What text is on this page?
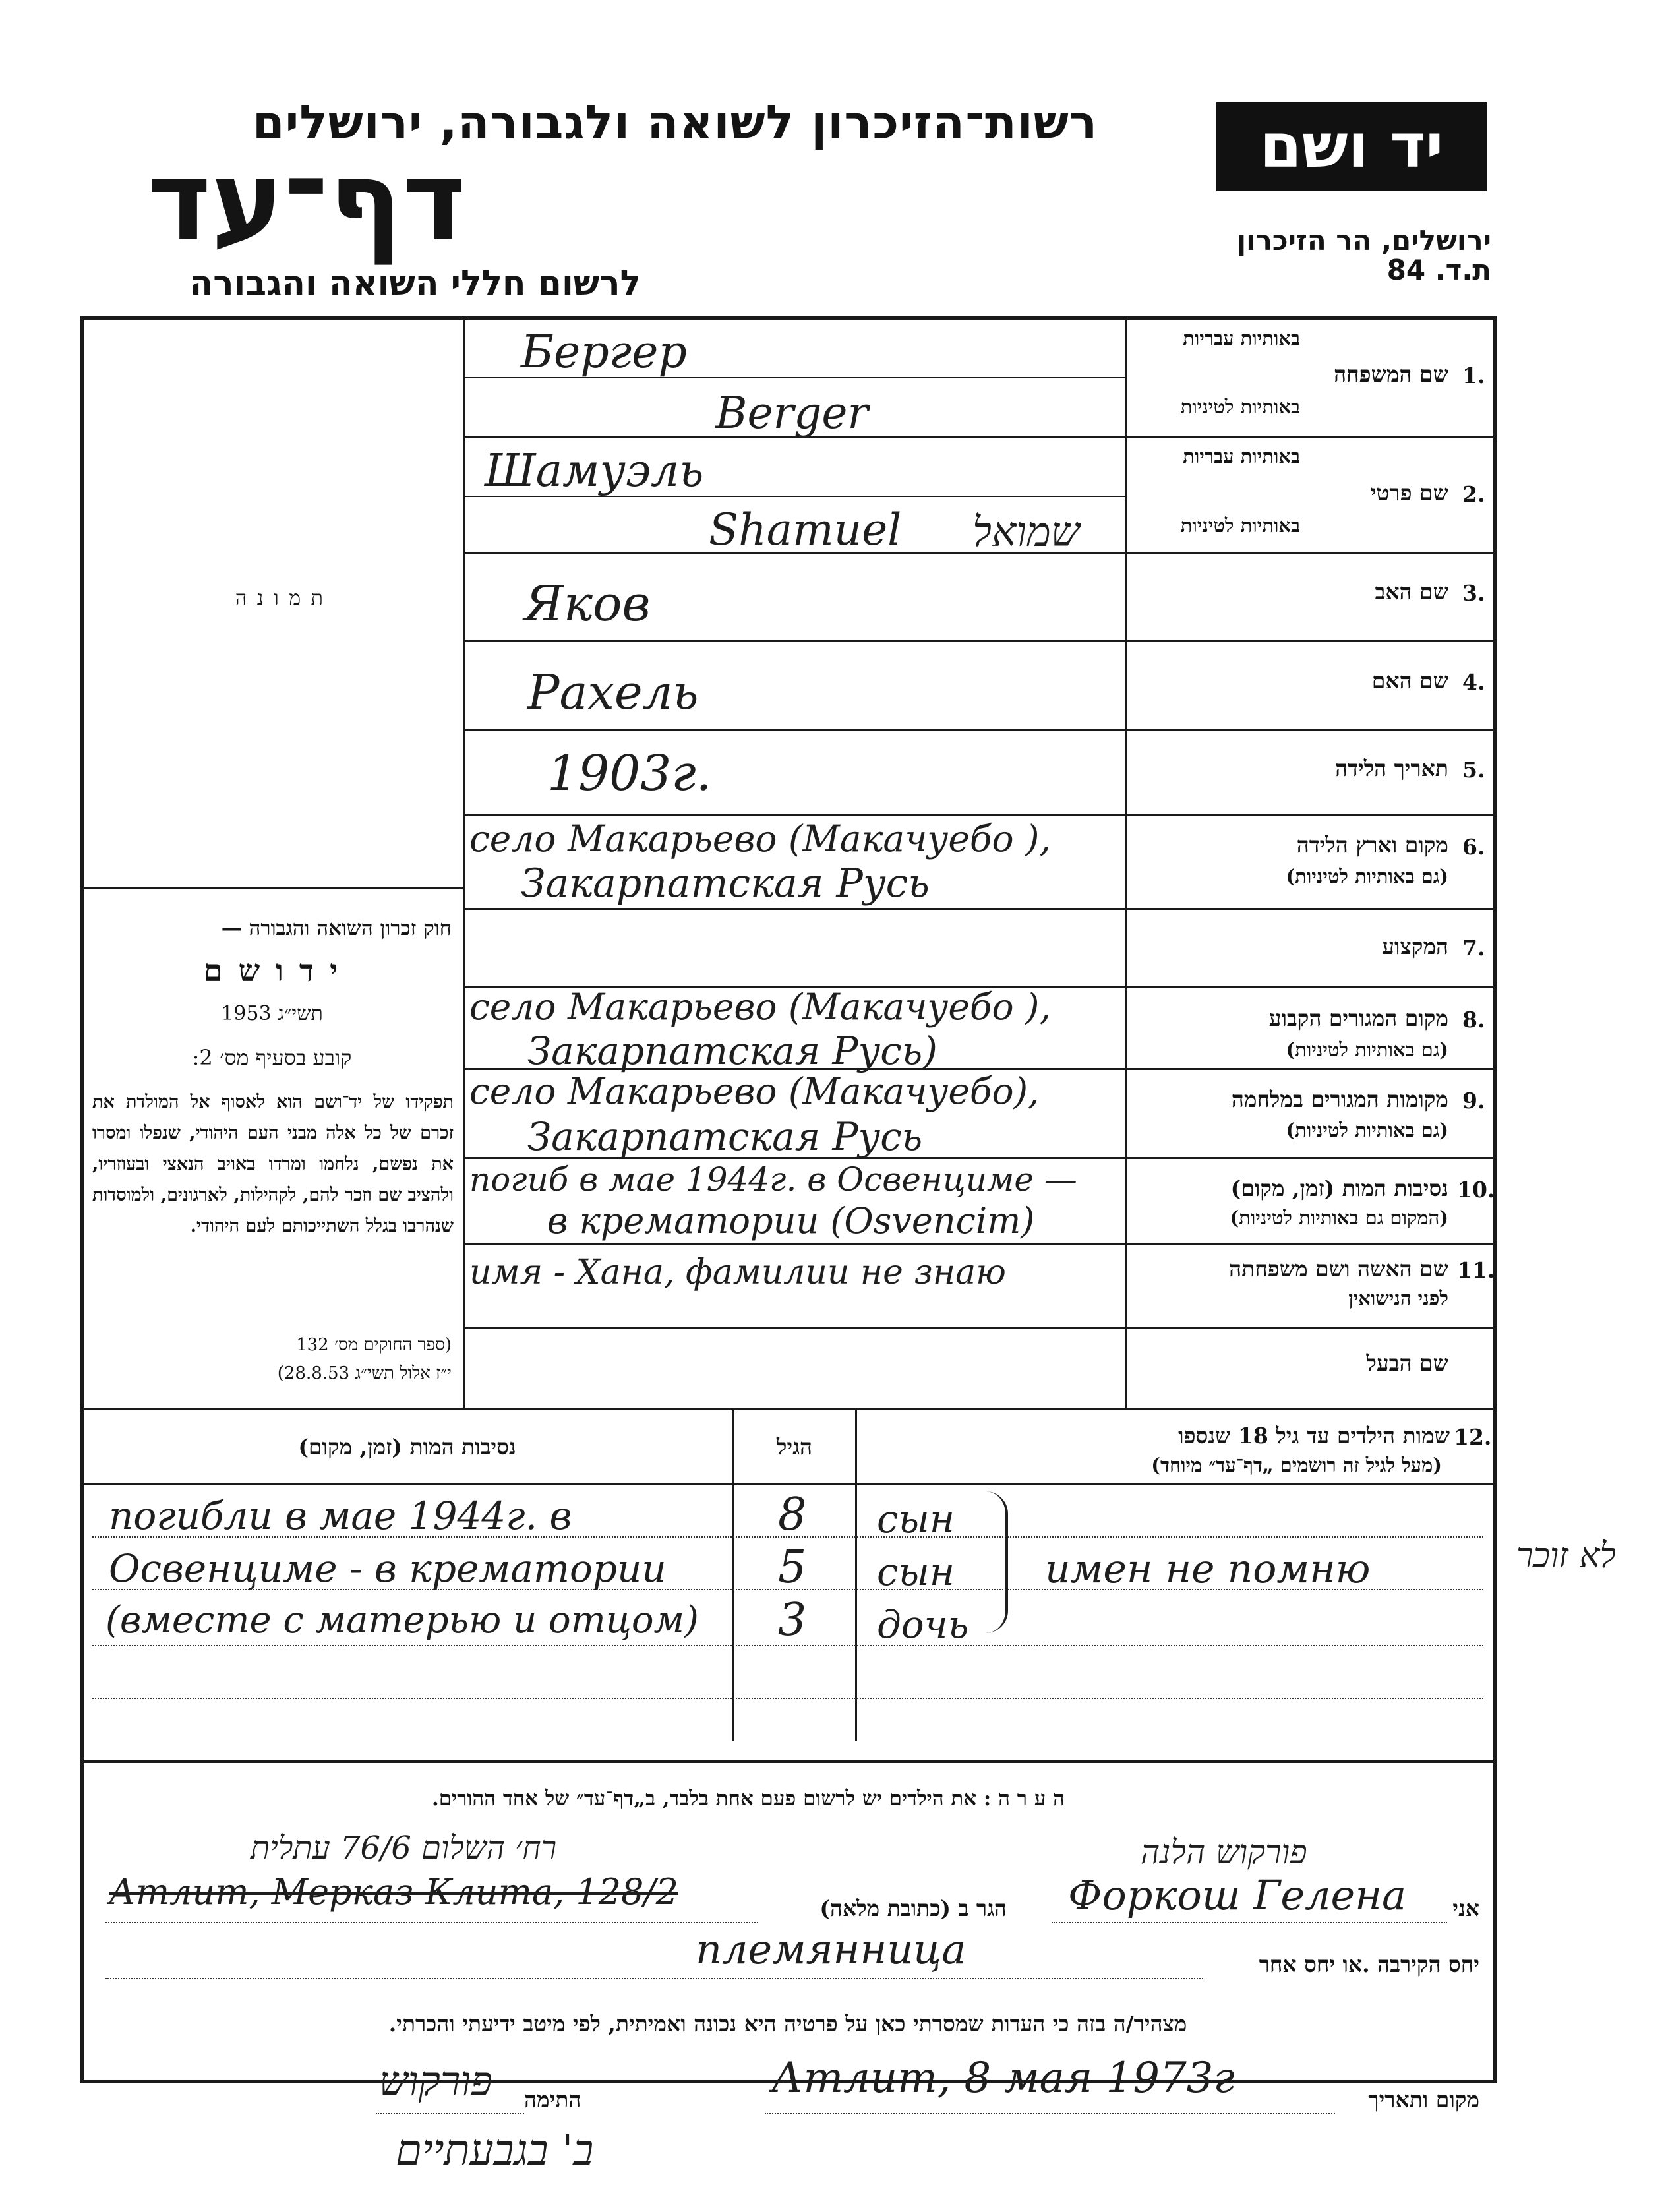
רשות־הזיכרון לשואה ולגבורה, ירושלים
דף־עד
לרשום חללי השואה והגבורה
יד ושם
ירושלים, הר הזיכרון
ת.ד. 84
ת מ ו נ ה
חוק זכרון השואה והגבורה —
י ד ו ש ם
תשי״ג 1953
קובע בסעיף מס׳ 2:
תפקידו של יד־ושם הוא לאסוף אל המולדת את זכרם של כל אלה מבני העם היהודי, שנפלו ומסרו את נפשם, נלחמו ומרדו באויב הנאצי ובעוזריו, ולהציב שם וזכר להם, לקהילות, לארגונים, ולמוסדות שנהרבו בגלל השתייכותם לעם היהודי.
(ספר החוקים מס׳ 132
י״ז אלול תשי״ג 28.8.53)
1.
שם המשפחה
באותיות עבריות
באותיות לטיניות
2.
שם פרטי
באותיות עבריות
באותיות לטיניות
3.
שם האב
4.
שם האם
5.
תאריך הלידה
6.
מקום וארץ הלידה
(גם באותיות לטיניות)
7.
המקצוע
8.
מקום המגורים הקבוע
(גם באותיות לטיניות)
9.
מקומות המגורים במלחמה
(גם באותיות לטיניות)
10.
נסיבות המות (זמן, מקום)
(המקום גם באותיות לטיניות)
11.
שם האשה ושם משפחתה
לפני הנישואין
שם הבעל
Бергер
Berger
Шамуэль
Shamuel שמואל
Яков
Рахель
1903г.
село Макарьево (Макачуебо ),
Закарпатская Русь
село Макарьево (Макачуебо ),
Закарпатская Русь)
село Макарьево (Макачуебо),
Закарпатская Русь
погиб в мае 1944г. в Освенциме —
в крематории (Osvencim)
имя - Хана, фамилии не знаю
12.
שמות הילדים עד גיל 18 שנספו
(מעל לגיל זה רושמים „דף־עד״ מיוחד)
הגיל
נסיבות המות (זמן, מקום)
погибли в мае 1944г. в	8 сын
Освенциме - в крематории 5 сын
(вместе с матерью и отцом) 3 дочь
имен не помню	לא זוכר
ה ע ר ה : את הילדים יש לרשום פעם אחת בלבד, ב„דף־עד״ של אחד ההורים.
אני
Форкош Гелена
פורקוש הלנה
הגר ב (כתובת מלאה)
Атлит, Мерказ Клита, 128/2
רח׳ השלום 76/6 עתלית
יחס הקירבה .או יחס אחר
племянница
מצהיר/ה בזה כי העדות שמסרתי כאן על פרטיה היא נכונה ואמיתית, לפי מיטב ידיעתי והכרתי.
מקום ותאריך
Атлит, 8 мая 1973г
התימה
פורקוש
ב' בגבעתיים
